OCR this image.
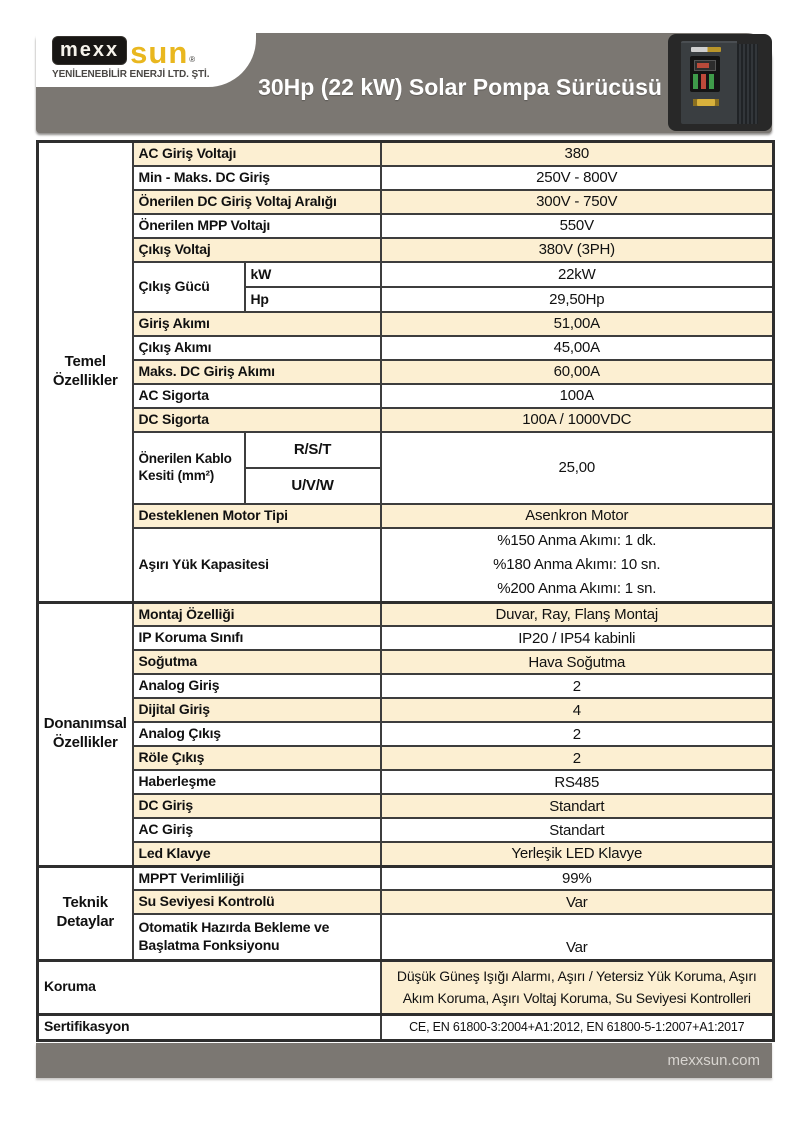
mexx sun ®
YENİLENEBİLİR ENERJİ LTD. ŞTİ.	30Hp (22 kW) Solar Pompa Sürücüsü
Temel Özellikler	AC Giriş Voltajı		380
	Min - Maks. DC Giriş		250V - 800V
	Önerilen DC Giriş Voltaj Aralığı		300V - 750V
	Önerilen MPP Voltajı		550V
	Çıkış Voltaj		380V (3PH)
	Çıkış Gücü	kW	22kW
		Hp	29,50Hp
	Giriş Akımı		51,00A
	Çıkış Akımı		45,00A
	Maks. DC Giriş Akımı		60,00A
	AC Sigorta		100A
	DC Sigorta		100A / 1000VDC
	Önerilen Kablo Kesiti (mm²)	R/S/T	25,00
		U/V/W	
	Desteklenen Motor Tipi		Asenkron Motor
	Aşırı Yük Kapasitesi		%150 Anma Akımı: 1 dk.
%180 Anma Akımı: 10 sn.
%200 Anma Akımı: 1 sn.

Donanımsal Özellikler	Montaj Özelliği		Duvar, Ray, Flanş Montaj
	IP Koruma Sınıfı		IP20 / IP54 kabinli
	Soğutma		Hava Soğutma
	Analog Giriş		2
	Dijital Giriş		4
	Analog Çıkış		2
	Röle Çıkış		2
	Haberleşme		RS485
	DC Giriş		Standart
	AC Giriş		Standart
	Led Klavye		Yerleşik LED Klavye
Teknik Detaylar	MPPT Verimliliği		99%
	Su Seviyesi Kontrolü		Var
	Otomatik Hazırda Bekleme ve Başlatma Fonksiyonu		Var
Koruma			Düşük Güneş Işığı Alarmı, Aşırı / Yetersiz Yük Koruma, Aşırı Akım Koruma, Aşırı Voltaj Koruma, Su Seviyesi Kontrolleri
Sertifikasyon			CE, EN 61800-3:2004+A1:2012, EN 61800-5-1:2007+A1:2017
mexxsun.com
